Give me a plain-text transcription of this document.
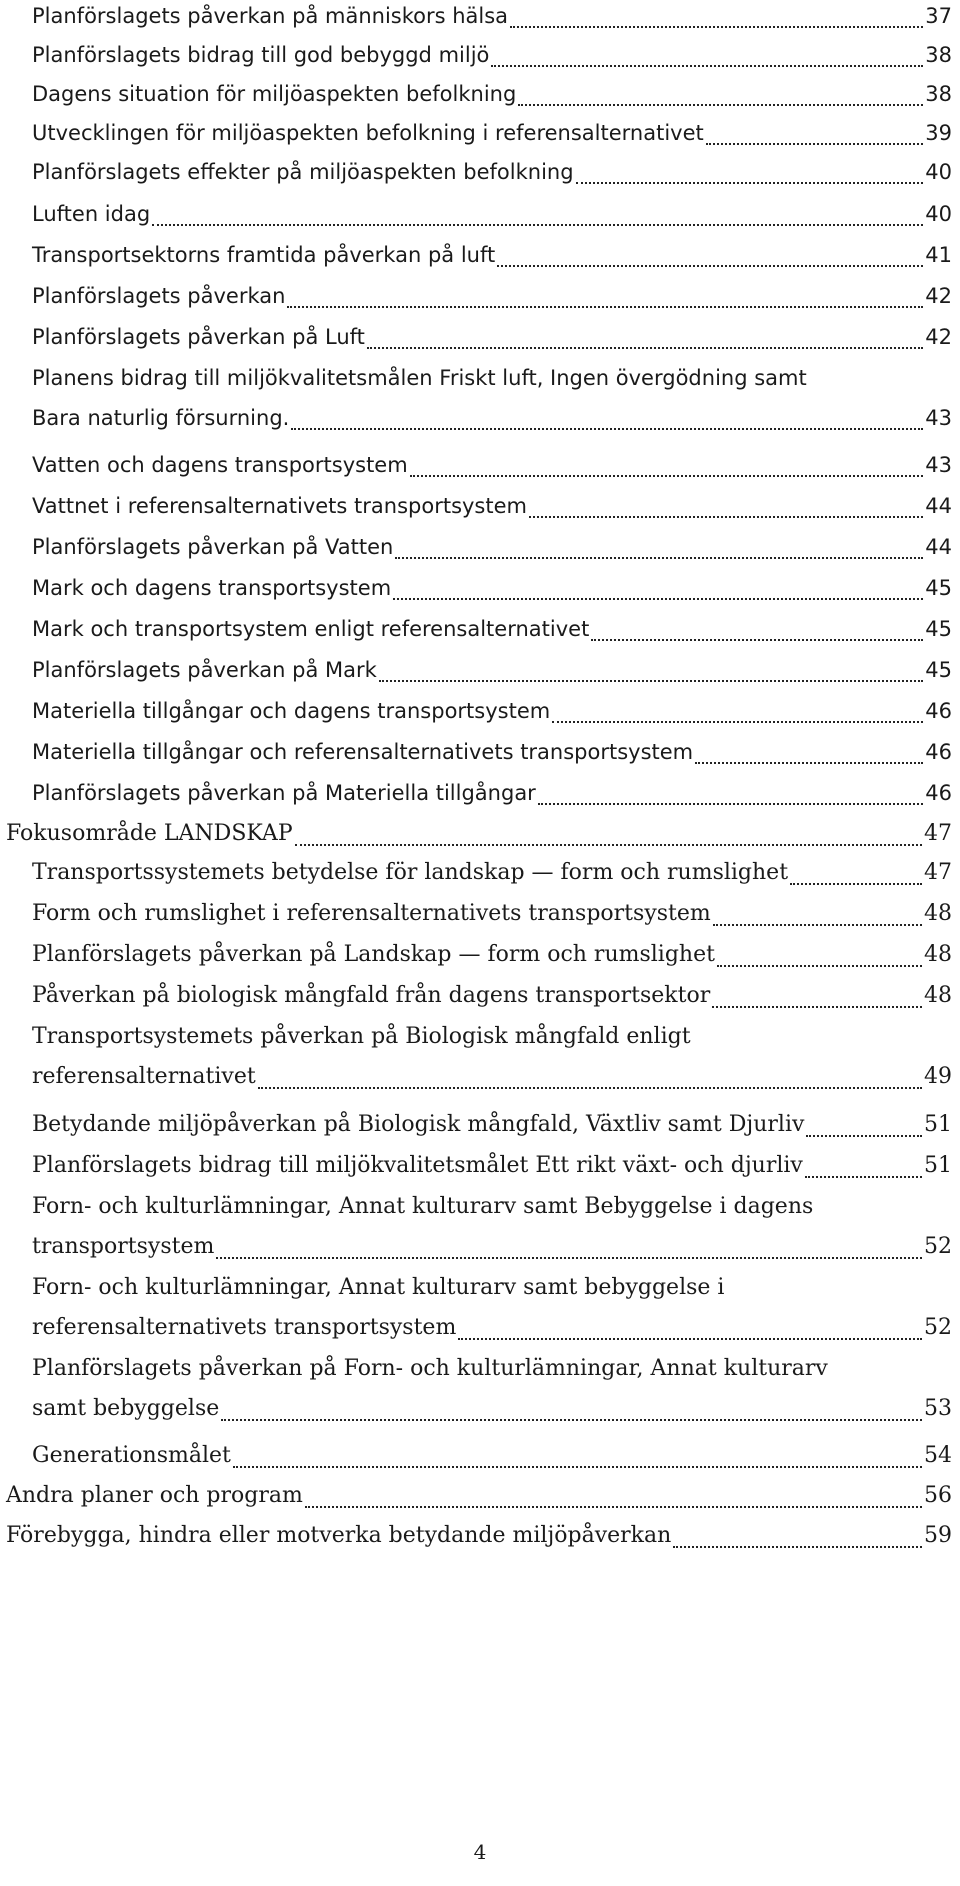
Planförslagets påverkan på människors hälsa	37
Planförslagets bidrag till god bebyggd miljö	38
Dagens situation för miljöaspekten befolkning	38
Utvecklingen för miljöaspekten befolkning i referensalternativet	39
Planförslagets effekter på miljöaspekten befolkning	40
Luften idag	40
Transportsektorns framtida påverkan på luft	41
Planförslagets påverkan	42
Planförslagets påverkan på Luft	42
Planens bidrag till miljökvalitetsmålen Friskt luft, Ingen övergödning samt
Bara naturlig försurning.	43
Vatten och dagens transportsystem	43
Vattnet i referensalternativets transportsystem	44
Planförslagets påverkan på Vatten	44
Mark och dagens transportsystem	45
Mark och transportsystem enligt referensalternativet	45
Planförslagets påverkan på Mark	45
Materiella tillgångar och dagens transportsystem	46
Materiella tillgångar och referensalternativets transportsystem	46
Planförslagets påverkan på Materiella tillgångar	46
Fokusområde LANDSKAP	47
Transportssystemets betydelse för landskap — form och rumslighet	47
Form och rumslighet i referensalternativets transportsystem	48
Planförslagets påverkan på Landskap — form och rumslighet	48
Påverkan på biologisk mångfald från dagens transportsektor	48
Transportsystemets påverkan på Biologisk mångfald enligt
referensalternativet	49
Betydande miljöpåverkan på Biologisk mångfald, Växtliv samt Djurliv	51
Planförslagets bidrag till miljökvalitetsmålet Ett rikt växt- och djurliv	51
Forn- och kulturlämningar, Annat kulturarv samt Bebyggelse i dagens
transportsystem	52
Forn- och kulturlämningar, Annat kulturarv samt bebyggelse i
referensalternativets transportsystem	52
Planförslagets påverkan på Forn- och kulturlämningar, Annat kulturarv
samt bebyggelse	53
Generationsmålet	54
Andra planer och program	56
Förebygga, hindra eller motverka betydande miljöpåverkan	59
4
